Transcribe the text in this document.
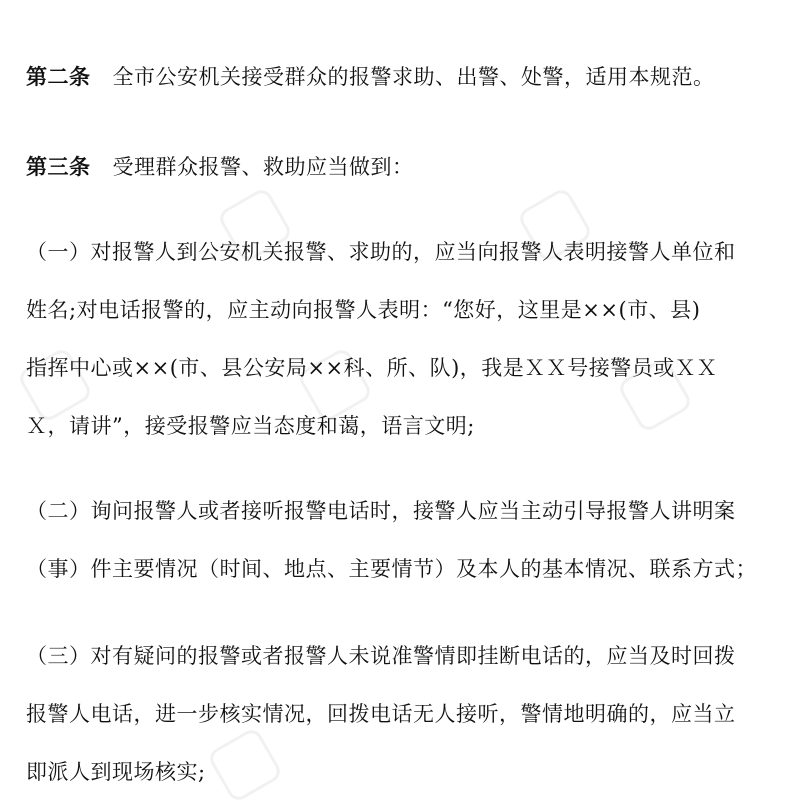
第二条 全市公安机关接受群众的报警求助、出警、处警，适用本规范。
第三条 受理群众报警、救助应当做到：
（一）对报警人到公安机关报警、求助的，应当向报警人表明接警人单位和
姓名;对电话报警的，应主动向报警人表明：“您好，这里是××(市、县)
指挥中心或××(市、县公安局××科、所、队)，我是ＸＸ号接警员或ＸＸ
Ｘ，请讲”，接受报警应当态度和蔼，语言文明;
（二）询问报警人或者接听报警电话时，接警人应当主动引导报警人讲明案
（事）件主要情况（时间、地点、主要情节）及本人的基本情况、联系方式；
（三）对有疑问的报警或者报警人未说准警情即挂断电话的，应当及时回拨
报警人电话，进一步核实情况，回拨电话无人接听，警情地明确的，应当立
即派人到现场核实;
